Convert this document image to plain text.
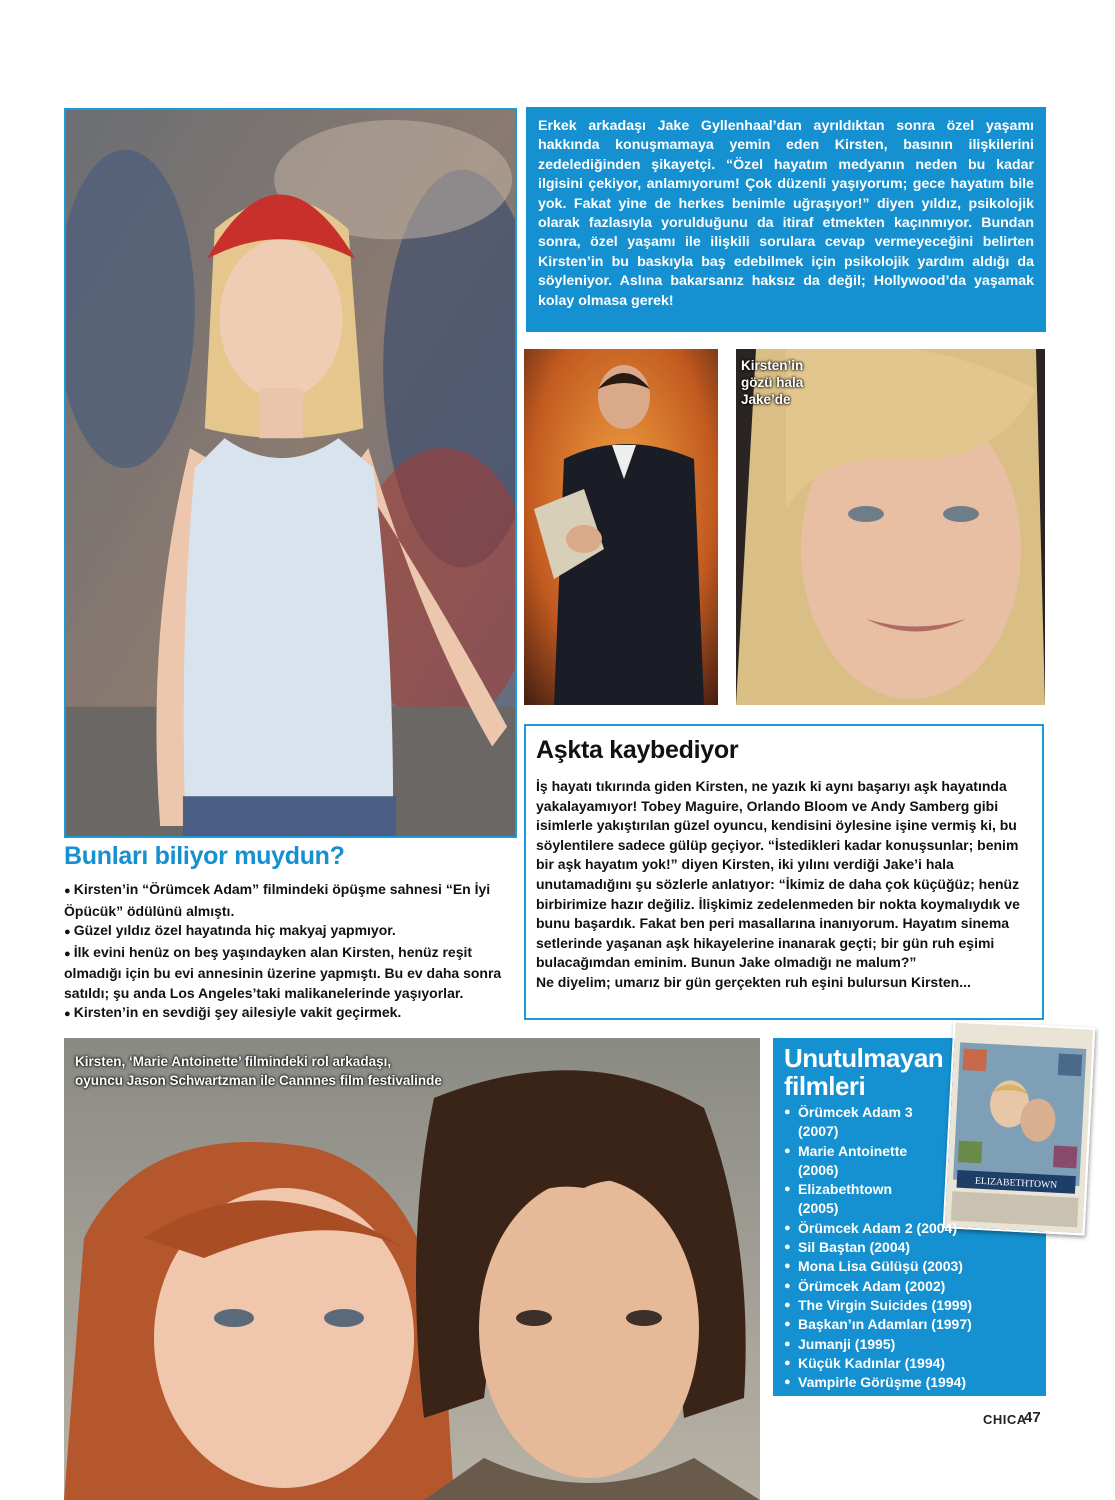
Erkek arkadaşı Jake Gyllenhaal’dan ayrıldıktan sonra özel yaşamı hakkında konuşmamaya yemin eden Kirsten, basının ilişkilerini zedelediğinden şikayetçi. “Özel hayatım medyanın neden bu kadar ilgisini çekiyor, anlamıyorum! Çok düzenli yaşıyorum; gece hayatım bile yok. Fakat yine de herkes benimle uğraşıyor!” diyen yıldız, psikolojik olarak fazlasıyla yorulduğunu da itiraf etmekten kaçınmıyor. Bundan sonra, özel yaşamı ile ilişkili sorulara cevap vermeyeceğini belirten Kirsten’in bu baskıyla baş edebilmek için psikolojik yardım aldığı da söyleniyor. Aslına bakarsanız haksız da değil; Hollywood’da yaşamak kolay olmasa gerek!
Kirsten’in
gözü hala
Jake’de
Bunları biliyor muydun?
● Kirsten’in “Örümcek Adam” filmindeki öpüşme sahnesi “En İyi Öpücük” ödülünü almıştı.
● Güzel yıldız özel hayatında hiç makyaj yapmıyor.
● İlk evini henüz on beş yaşındayken alan Kirsten, henüz reşit olmadığı için bu evi annesinin üzerine yapmıştı. Bu ev daha sonra satıldı; şu anda Los Angeles’taki malikanelerinde yaşıyorlar.
● Kirsten’in en sevdiği şey ailesiyle vakit geçirmek.
Aşkta kaybediyor
İş hayatı tıkırında giden Kirsten, ne yazık ki aynı başarıyı aşk hayatında yakalayamıyor! Tobey Maguire, Orlando Bloom ve Andy Samberg gibi isimlerle yakıştırılan güzel oyuncu, kendisini öylesine işine vermiş ki, bu söylentilere sadece gülüp geçiyor. “İstedikleri kadar konuşsunlar; benim bir aşk hayatım yok!” diyen Kirsten, iki yılını verdiği Jake’i hala unutamadığını şu sözlerle anlatıyor: “İkimiz de daha çok küçüğüz; henüz birbirimize hazır değiliz. İlişkimiz zedelenmeden bir nokta koymalıydık ve bunu başardık. Fakat ben peri masallarına inanıyorum. Hayatım sinema setlerinde yaşanan aşk hikayelerine inanarak geçti; bir gün ruh eşimi bulacağımdan eminim. Bunun Jake olmadığı ne malum?”
Ne diyelim; umarız bir gün gerçekten ruh eşini bulursun Kirsten...
Kirsten, ‘Marie Antoinette’ filmindeki rol arkadaşı,
oyuncu Jason Schwartzman ile Cannnes film festivalinde
Unutulmayan
filmleri
ELIZABETHTOWN
● Örümcek Adam 3 (2007)
● Marie Antoinette (2006)
● Elizabethtown (2005)
● Örümcek Adam 2 (2004)
● Sil Baştan (2004)
● Mona Lisa Gülüşü (2003)
● Örümcek Adam (2002)
● The Virgin Suicides (1999)
● Başkan’ın Adamları (1997)
● Jumanji (1995)
● Küçük Kadınlar (1994)
● Vampirle Görüşme (1994)
CHICA
47
